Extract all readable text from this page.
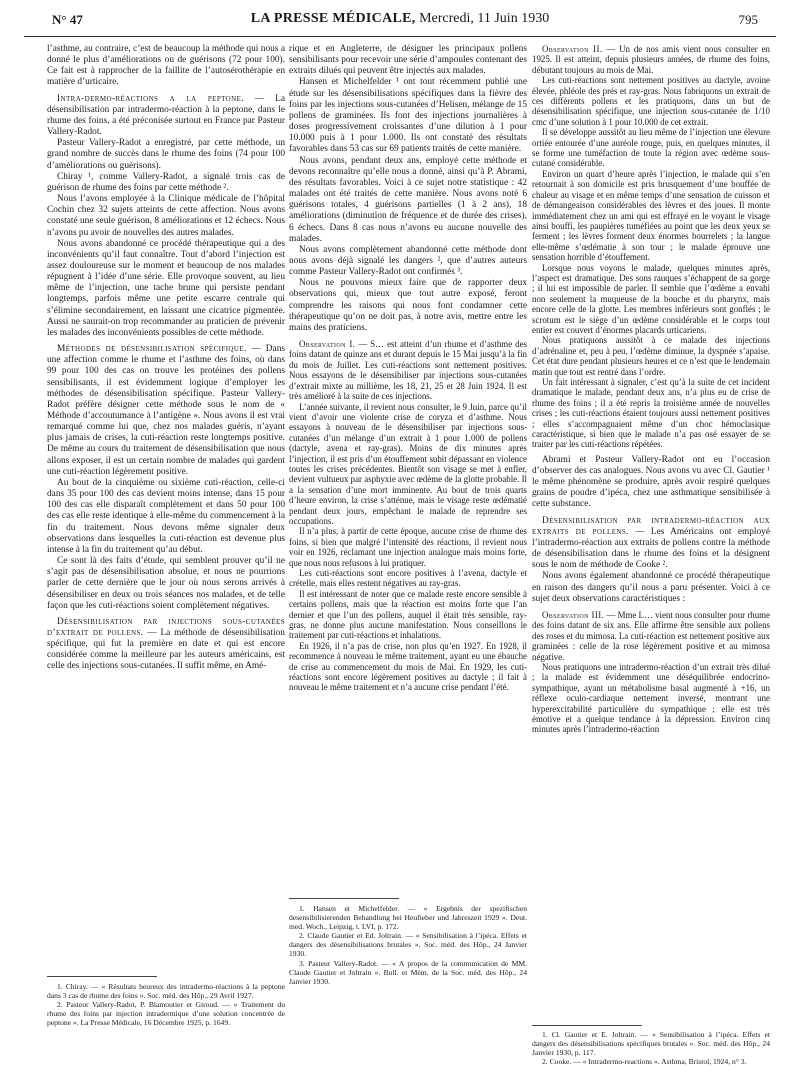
N° 47	LA PRESSE MÉDICALE, Mercredi, 11 Juin 1930	795

l’asthme, au contraire, c’est de beaucoup la méthode qui nous a donné le plus d’améliorations ou de guérisons (72 pour 100). Ce fait est à rapprocher de la faillite de l’autosérothérapie en matière d’urticaire.

Intra-dermo-réactions a la peptone. — La désensibilisation par intradermo-réaction à la peptone, dans le rhume des foins, a été préconisée surtout en France par Pasteur Vallery-Radot.

Pasteur Vallery-Radot a enregistré, par cette méthode, un grand nombre de succès dans le rhume des foins (74 pour 100 d’améliorations ou guérisons).

Chiray ¹, comme Vallery-Radot, a signalé trois cas de guérison de rhume des foins par cette méthode ².

Nous l’avons employée à la Clinique médicale de l’hôpital Cochin chez 32 sujets atteints de cette affection. Nous avons constaté une seule guérison, 8 améliorations et 12 échecs. Nous n’avons pu avoir de nouvelles des autres malades.

Nous avons abandonné ce procédé thérapeutique qui a des inconvénients qu’il faut connaître. Tout d’abord l’injection est assez douloureuse sur le moment et beaucoup de nos malades répugnent à l’idée d’une série. Elle provoque souvent, au lieu même de l’injection, une tache brune qui persiste pendant longtemps, parfois même une petite escarre centrale qui s’élimine secondairement, en laissant une cicatrice pigmentée. Aussi ne saurait-on trop recommander au praticien de prévenir les malades des inconvénients possibles de cette méthode.

Méthodes de désensibilisation spécifique. — Dans une affection comme le rhume et l’asthme des foins, où dans 99 pour 100 des cas on trouve les protéines des pollens sensibilisants, il est évidemment logique d’employer les méthodes de désensibilisation spécifique. Pasteur Vallery-Radot préfère désigner cette méthode sous le nom de « Méthode d’accoutumance à l’antigène ». Nous avons il est vrai remarqué comme lui que, chez nos malades guéris, n’ayant plus jamais de crises, la cuti-réaction reste longtemps positive. De même au cours du traitement de désensibilisation que nous allons exposer, il est un certain nombre de malades qui gardent une cuti-réaction légèrement positive.

Au bout de la cinquième ou sixième cuti-réaction, celle-ci dans 35 pour 100 des cas devient moins intense, dans 15 pour 100 des cas elle disparaît complètement et dans 50 pour 100 des cas elle reste identique à elle-même du commencement à la fin du traitement. Nous devons même signaler deux observations dans lesquelles la cuti-réaction est devenue plus intense à la fin du traitement qu’au début.

Ce sont là des faits d’étude, qui semblent prouver qu’il ne s’agit pas de désensibilisation absolue, et nous ne pourrions parler de cette dernière que le jour où nous serons arrivés à désensibiliser en deux ou trois séances nos malades, et de telle façon que les cuti-réactions soient complètement négatives.

Désensibilisation par injections sous-cutanées d’extrait de pollens. — La méthode de désensibilisation spécifique, qui fut la première en date et qui est encore considérée comme la meilleure par les auteurs américains, est celle des injections sous-cutanées. Il suffit même, en Amé-

1. Chiray. — « Résultats heureux des intradermo-réactions à la peptone dans 3 cas de rhume des foins ». Soc. méd. des Hôp., 29 Avril 1927.

2. Pasteur Vallery-Radot, P. Blamoutier et Giroud. — « Traitement du rhume des foins par injection intradermique d’une solution concentrée de peptone ». La Presse Médicale, 16 Décembre 1925, p. 1649.

rique et en Angleterre, de désigner les principaux pollens sensibilisants pour recevoir une série d’ampoules contenant des extraits dilués qui peuvent être injectés aux malades.

Hansen et Michelfelder ¹ ont tout récemment publié une étude sur les désensibilisations spécifiques dans la fièvre des foins par les injections sous-cutanées d’Helisen, mélange de 15 pollens de graminées. Ils font des injections journalières à doses progressivement croissantes d’une dilution à 1 pour 10.000 puis à 1 pour 1.000. Ils ont constaté des résultats favorables dans 53 cas sur 69 patients traités de cette manière.

Nous avons, pendant deux ans, employé cette méthode et devons reconnaître qu’elle nous a donné, ainsi qu’à P. Abrami, des résultats favorables. Voici à ce sujet notre statistique : 42 malades ont été traités de cette manière. Nous avons noté 6 guérisons totales, 4 guérisons partielles (1 à 2 ans), 18 améliorations (diminution de fréquence et de durée des crises), 6 échecs. Dans 8 cas nous n’avons eu aucune nouvelle des malades.

Nous avons complètement abandonné cette méthode dont nous avons déjà signalé les dangers ², que d’autres auteurs comme Pasteur Vallery-Radot ont confirmés ³.

Nous ne pouvons mieux faire que de rapporter deux observations qui, mieux que tout autre exposé, feront comprendre les raisons qui nous font condamner cette thérapeutique qu’on ne doit pas, à notre avis, mettre entre les mains des praticiens.

Observation I. — S… est atteint d’un rhume et d’asthme des foins datant de quinze ans et durant depuis le 15 Mai jusqu’à la fin du mois de Juillet. Les cuti-réactions sont nettement positives. Nous essayons de le désensibiliser par injections sous-cutanées d’extrait mixte au millième, les 18, 21, 25 et 28 Juin 1924. Il est très amélioré à la suite de ces injections.

L’année suivante, il revient nous consulter, le 9 Juin, parce qu’il vient d’avoir une violente crise de coryza et d’asthme. Nous essayons à nouveau de le désensibiliser par injections sous-cutanées d’un mélange d’un extrait à 1 pour 1.000 de pollens (dactyle, avena et ray-gras). Moins de dix minutes après l’injection, il est pris d’un étouffement subit dépassant en violence toutes les crises précédentes. Bientôt son visage se met à enfler, devient vultueux par asphyxie avec œdème de la glotte probable. Il a la sensation d’une mort imminente. Au bout de trois quarts d’heure environ, la crise s’atténue, mais le visage reste œdématié pendant deux jours, empêchant le malade de reprendre ses occupations.

Il n’a plus, à partir de cette époque, aucune crise de rhume des foins, si bien que malgré l’intensité des réactions, il revient nous voir en 1926, réclamant une injection analogue mais moins forte, que nous nous refusons à lui pratiquer.

Les cuti-réactions sont encore positives à l’avena, dactyle et crételle, mais elles restent négatives au ray-gras.

Il est intéressant de noter que ce malade reste encore sensible à certains pollens, mais que la réaction est moins forte que l’an dernier et que l’un des pollens, auquel il était très sensible, ray-gras, ne donne plus aucune manifestation. Nous conseillons le traitement par cuti-réactions et inhalations.

En 1926, il n’a pas de crise, non plus qu’en 1927. En 1928, il recommence à nouveau le même traitement, ayant eu une ébauche de crise au commencement du mois de Mai. En 1929, les cuti-réactions sont encore légèrement positives au dactyle ; il fait à nouveau le même traitement et n’a aucune crise pendant l’été.

1. Hansen et Michelfelder. — « Ergebnis der spezifischen desensibilisierenden Behandlung bei Heufieber und Jahreszeit 1929 ». Deut. med. Woch., Leipzig, t. LVI, p. 172.

2. Claude Gautier et Ed. Joltrain. — « Sensibilisation à l’ipéca. Effets et dangers des désensibilisations brutales ». Soc. méd. des Hôp., 24 Janvier 1930.

3. Pasteur Vallery-Radot. — « A propos de la communication de MM. Claude Gautier et Joltrain ». Bull. et Mém. de la Soc. méd. des Hôp., 24 Janvier 1930.

Observation II. — Un de nos amis vient nous consulter en 1925. Il est atteint, depuis plusieurs années, de rhume des foins, débutant toujours au mois de Mai.

Les cuti-réactions sont nettement positives au dactyle, avoine élevée, phléole des prés et ray-gras. Nous fabriquons un extrait de ces différents pollens et les pratiquons, dans un but de désensibilisation spécifique, une injection sous-cutanée de 1/10 cmc d’une solution à 1 pour 10.000 de cet extrait.

Il se développe aussitôt au lieu même de l’injection une élevure ortiée entourée d’une auréole rouge, puis, en quelques minutes, il se forme une tuméfaction de toute la région avec œdème sous-cutané considérable.

Environ un quart d’heure après l’injection, le malade qui s’en retournait à son domicile est pris brusquement d’une bouffée de chaleur au visage et en même temps d’une sensation de cuisson et de démangeaison considérables des lèvres et des joues. Il monte immédiatement chez un ami qui est effrayé en le voyant le visage ainsi bouffi, les paupières tuméfiées au point que les deux yeux se ferment ; les lèvres forment deux énormes bourrelets ; la langue elle-même s’œdématie à son tour ; le malade éprouve une sensation horrible d’étouffement.

Lorsque nous voyons le malade, quelques minutes après, l’aspect est dramatique. Des sons rauques s’échappent de sa gorge ; il lui est impossible de parler. Il semble que l’œdème a envahi non seulement la muqueuse de la bouche et du pharynx, mais encore celle de la glotte. Les membres inférieurs sont gonflés ; le scrotum est le siège d’un œdème considérable et le corps tout entier est couvert d’énormes placards urticariens.

Nous pratiquons aussitôt à ce malade des injections d’adrénaline et, peu à peu, l’œdème diminue, la dyspnée s’apaise. Cet état dure pendant plusieurs heures et ce n’est que le lendemain matin que tout est rentré dans l’ordre.

Un fait intéressant à signaler, c’est qu’à la suite de cet incident dramatique le malade, pendant deux ans, n’a plus eu de crise de rhume des foins ; il a été repris la troisième année de nouvelles crises ; les cuti-réactions étaient toujours aussi nettement positives ; elles s’accompagnaient même d’un choc hémoclasique caractéristique, si bien que le malade n’a pas osé essayer de se traiter par les cuti-réactions répétées.

Abrami et Pasteur Vallery-Radot ont eu l’occasion d’observer des cas analogues. Nous avons vu avec Cl. Gautier ¹ le même phénomène se produire, après avoir respiré quelques grains de poudre d’ipéca, chez une asthmatique sensibilisée à cette substance.

Désensibilisation par intradermo-réaction aux extraits de pollens. — Les Américains ont employé l’intradermo-réaction aux extraits de pollens contre la méthode de désensibilisation dans le rhume des foins et la désignent sous le nom de méthode de Cooke ².

Nous avons également abandonné ce procédé thérapeutique en raison des dangers qu’il nous a paru présenter. Voici à ce sujet deux observations caractéristiques :

Observation III. — Mme L… vient nous consulter pour rhume des foins datant de six ans. Elle affirme être sensible aux pollens des roses et du mimosa. La cuti-réaction est nettement positive aux graminées : celle de la rose légèrement positive et au mimosa négative.

Nous pratiquons une intradermo-réaction d’un extrait très dilué ; la malade est évidemment une déséquilibrée endocrino-sympathique, ayant un métabolisme basal augmenté à +16, un réflexe oculo-cardiaque nettement inversé, montrant une hyperexcitabilité particulière du sympathique ; elle est très émotive et a quelque tendance à la dépression. Environ cinq minutes après l’intradermo-réaction

1. Cl. Gautier et E. Joltrain. — « Sensibilisation à l’ipéca. Effets et dangers des désensibilisations spécifiques brutales ». Soc. méd. des Hôp., 24 Janvier 1930, p. 117.

2. Cooke. — « Intradermo-reactions ». Asthma, Bristol, 1924, n° 3.
